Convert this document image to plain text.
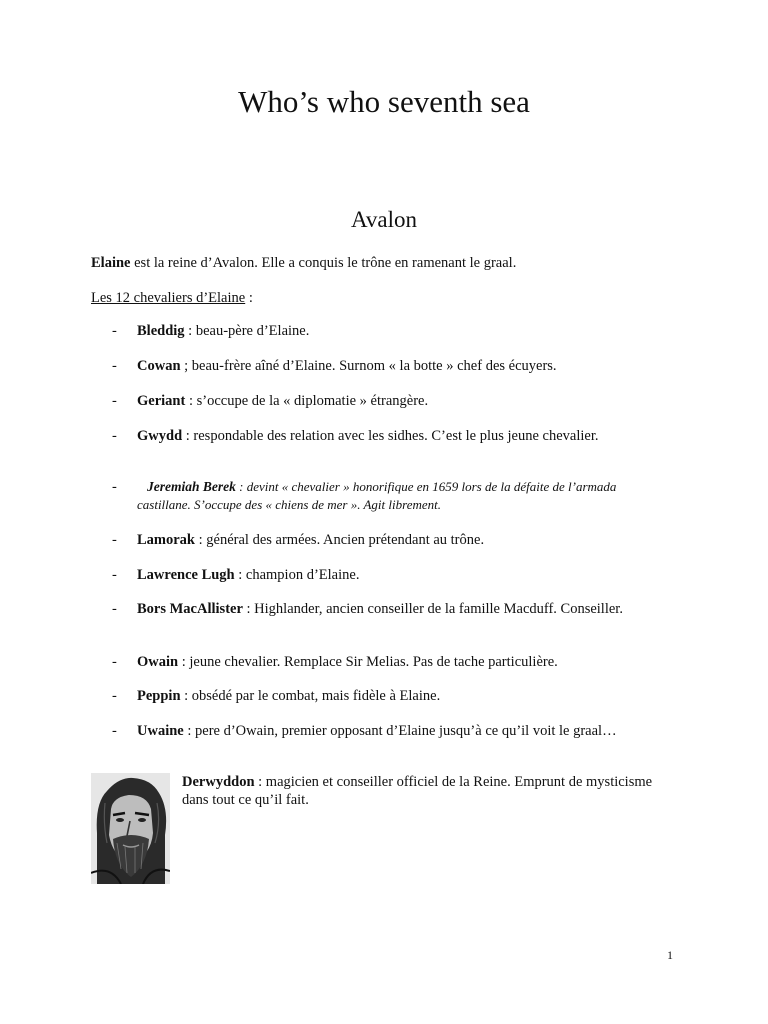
Who’s who seventh sea
Avalon

Elaine est la reine d’Avalon. Elle a conquis le trône en ramenant le graal.

Les 12 chevaliers d’Elaine :

- Bleddig : beau-père d’Elaine.
- Cowan ; beau-frère aîné d’Elaine. Surnom « la botte » chef des écuyers.
- Geriant : s’occupe de la « diplomatie » étrangère.
- Gwydd : respondable des relation avec les sidhes. C’est le plus jeune chevalier.
-	Jeremiah Berek : devint « chevalier » honorifique en 1659 lors de la défaite de l’armada castillane. S’occupe des « chiens de mer ». Agit librement.
- Lamorak : général des armées. Ancien prétendant au trône.
- Lawrence Lugh : champion d’Elaine.
- Bors MacAllister : Highlander, ancien conseiller de la famille Macduff. Conseiller.
- Owain : jeune chevalier. Remplace Sir Melias. Pas de tache particulière.
- Peppin : obsédé par le combat, mais fidèle à Elaine.
- Uwaine : pere d’Owain, premier opposant d’Elaine jusqu’à ce qu’il voit le graal…
Derwyddon : magicien et conseiller officiel de la Reine. Emprunt de mysticisme dans tout ce qu’il fait.
1
